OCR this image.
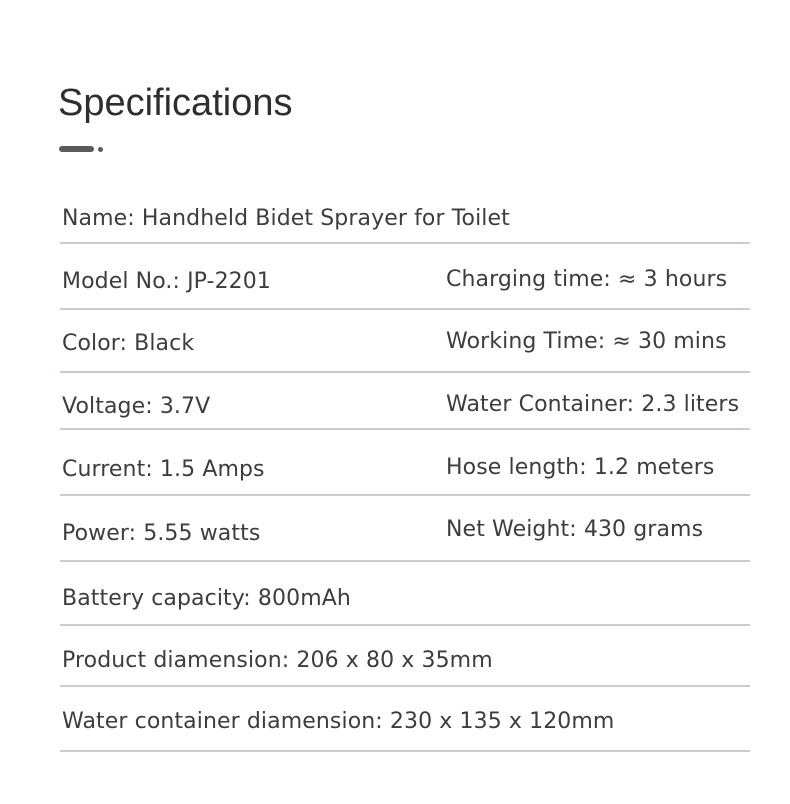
Specifications
Name: Handheld Bidet Sprayer for Toilet
Model No.: JP-2201	Charging time: ≈ 3 hours
Color: Black	Working Time: ≈ 30 mins
Voltage: 3.7V	Water Container: 2.3 liters
Current: 1.5 Amps	Hose length: 1.2 meters
Power: 5.55 watts	Net Weight: 430 grams
Battery capacity: 800mAh
Product diamension: 206 x 80 x 35mm
Water container diamension: 230 x 135 x 120mm
